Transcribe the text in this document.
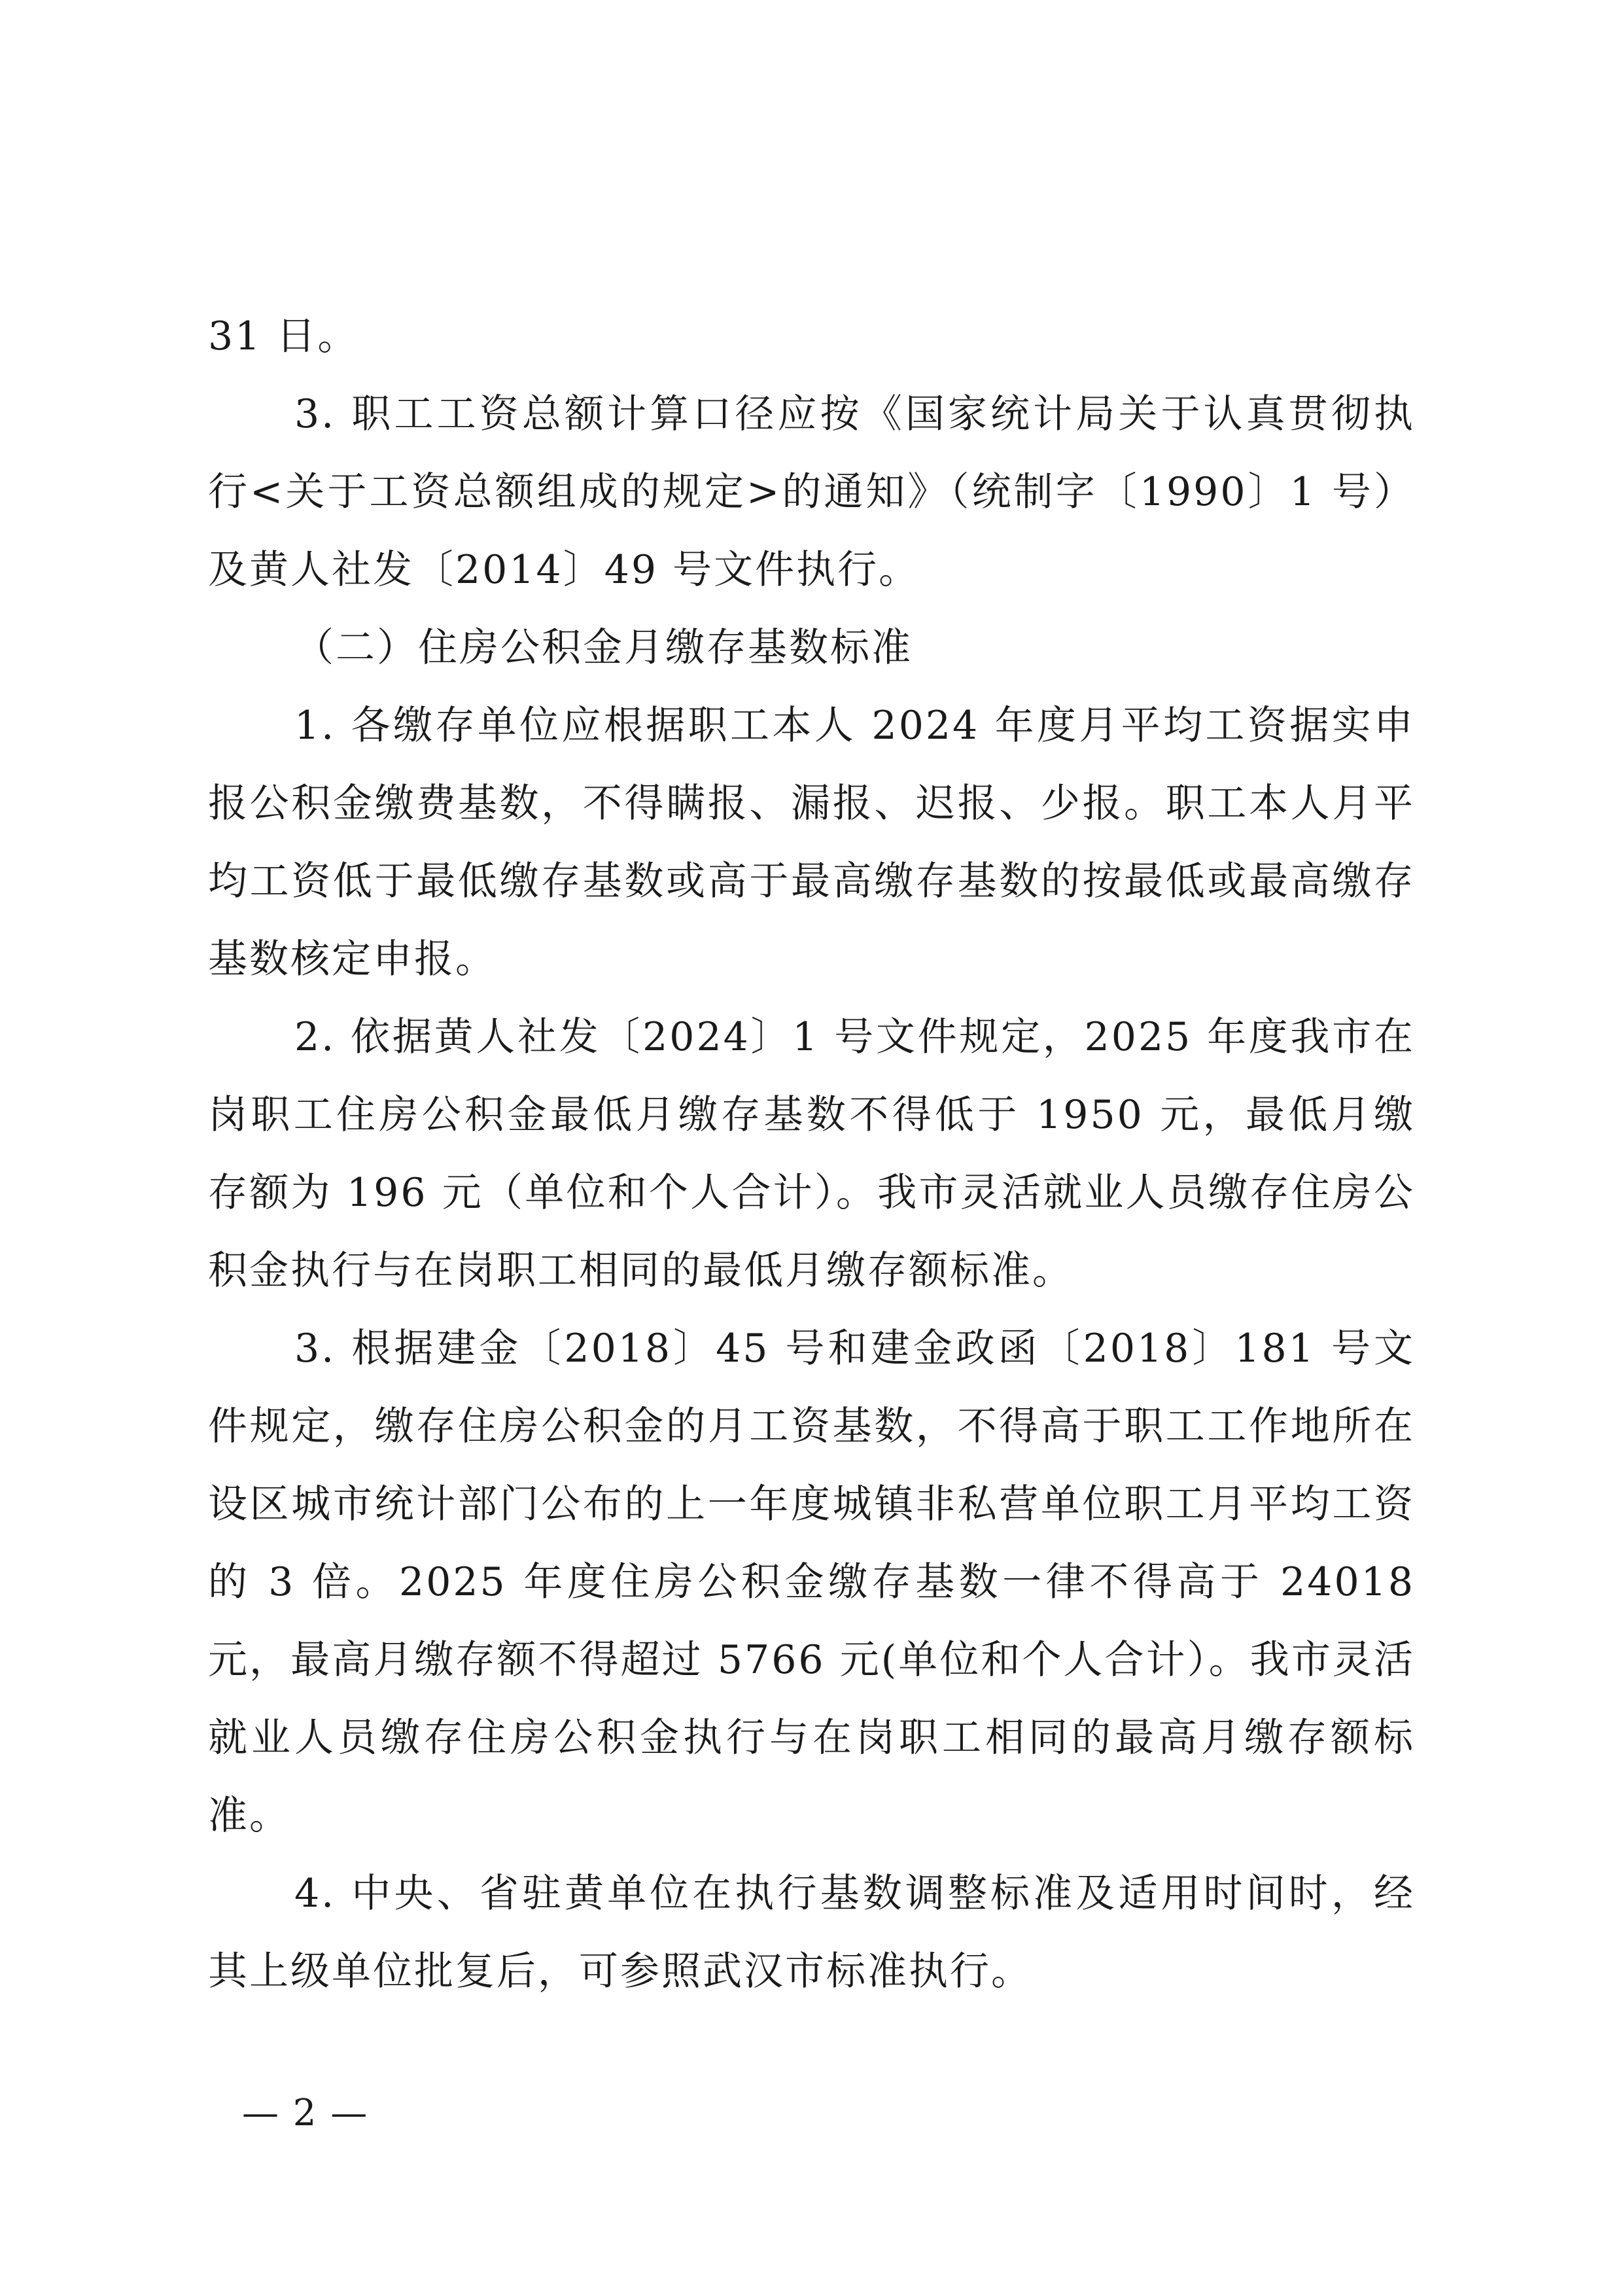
31 日。

3. 职工工资总额计算口径应按《国家统计局关于认真贯彻执行<关于工资总额组成的规定>的通知》（统制字〔1990〕1 号）及黄人社发〔2014〕49 号文件执行。

（二）住房公积金月缴存基数标准

1. 各缴存单位应根据职工本人 2024 年度月平均工资据实申报公积金缴费基数，不得瞒报、漏报、迟报、少报。职工本人月平均工资低于最低缴存基数或高于最高缴存基数的按最低或最高缴存基数核定申报。

2. 依据黄人社发〔2024〕1 号文件规定，2025 年度我市在岗职工住房公积金最低月缴存基数不得低于 1950 元，最低月缴存额为 196 元（单位和个人合计）。我市灵活就业人员缴存住房公积金执行与在岗职工相同的最低月缴存额标准。

3. 根据建金〔2018〕45 号和建金政函〔2018〕181 号文件规定，缴存住房公积金的月工资基数，不得高于职工工作地所在设区城市统计部门公布的上一年度城镇非私营单位职工月平均工资的 3 倍。2025 年度住房公积金缴存基数一律不得高于 24018 元，最高月缴存额不得超过 5766 元(单位和个人合计）。我市灵活就业人员缴存住房公积金执行与在岗职工相同的最高月缴存额标准。

4. 中央、省驻黄单位在执行基数调整标准及适用时间时，经其上级单位批复后，可参照武汉市标准执行。

— 2 —
